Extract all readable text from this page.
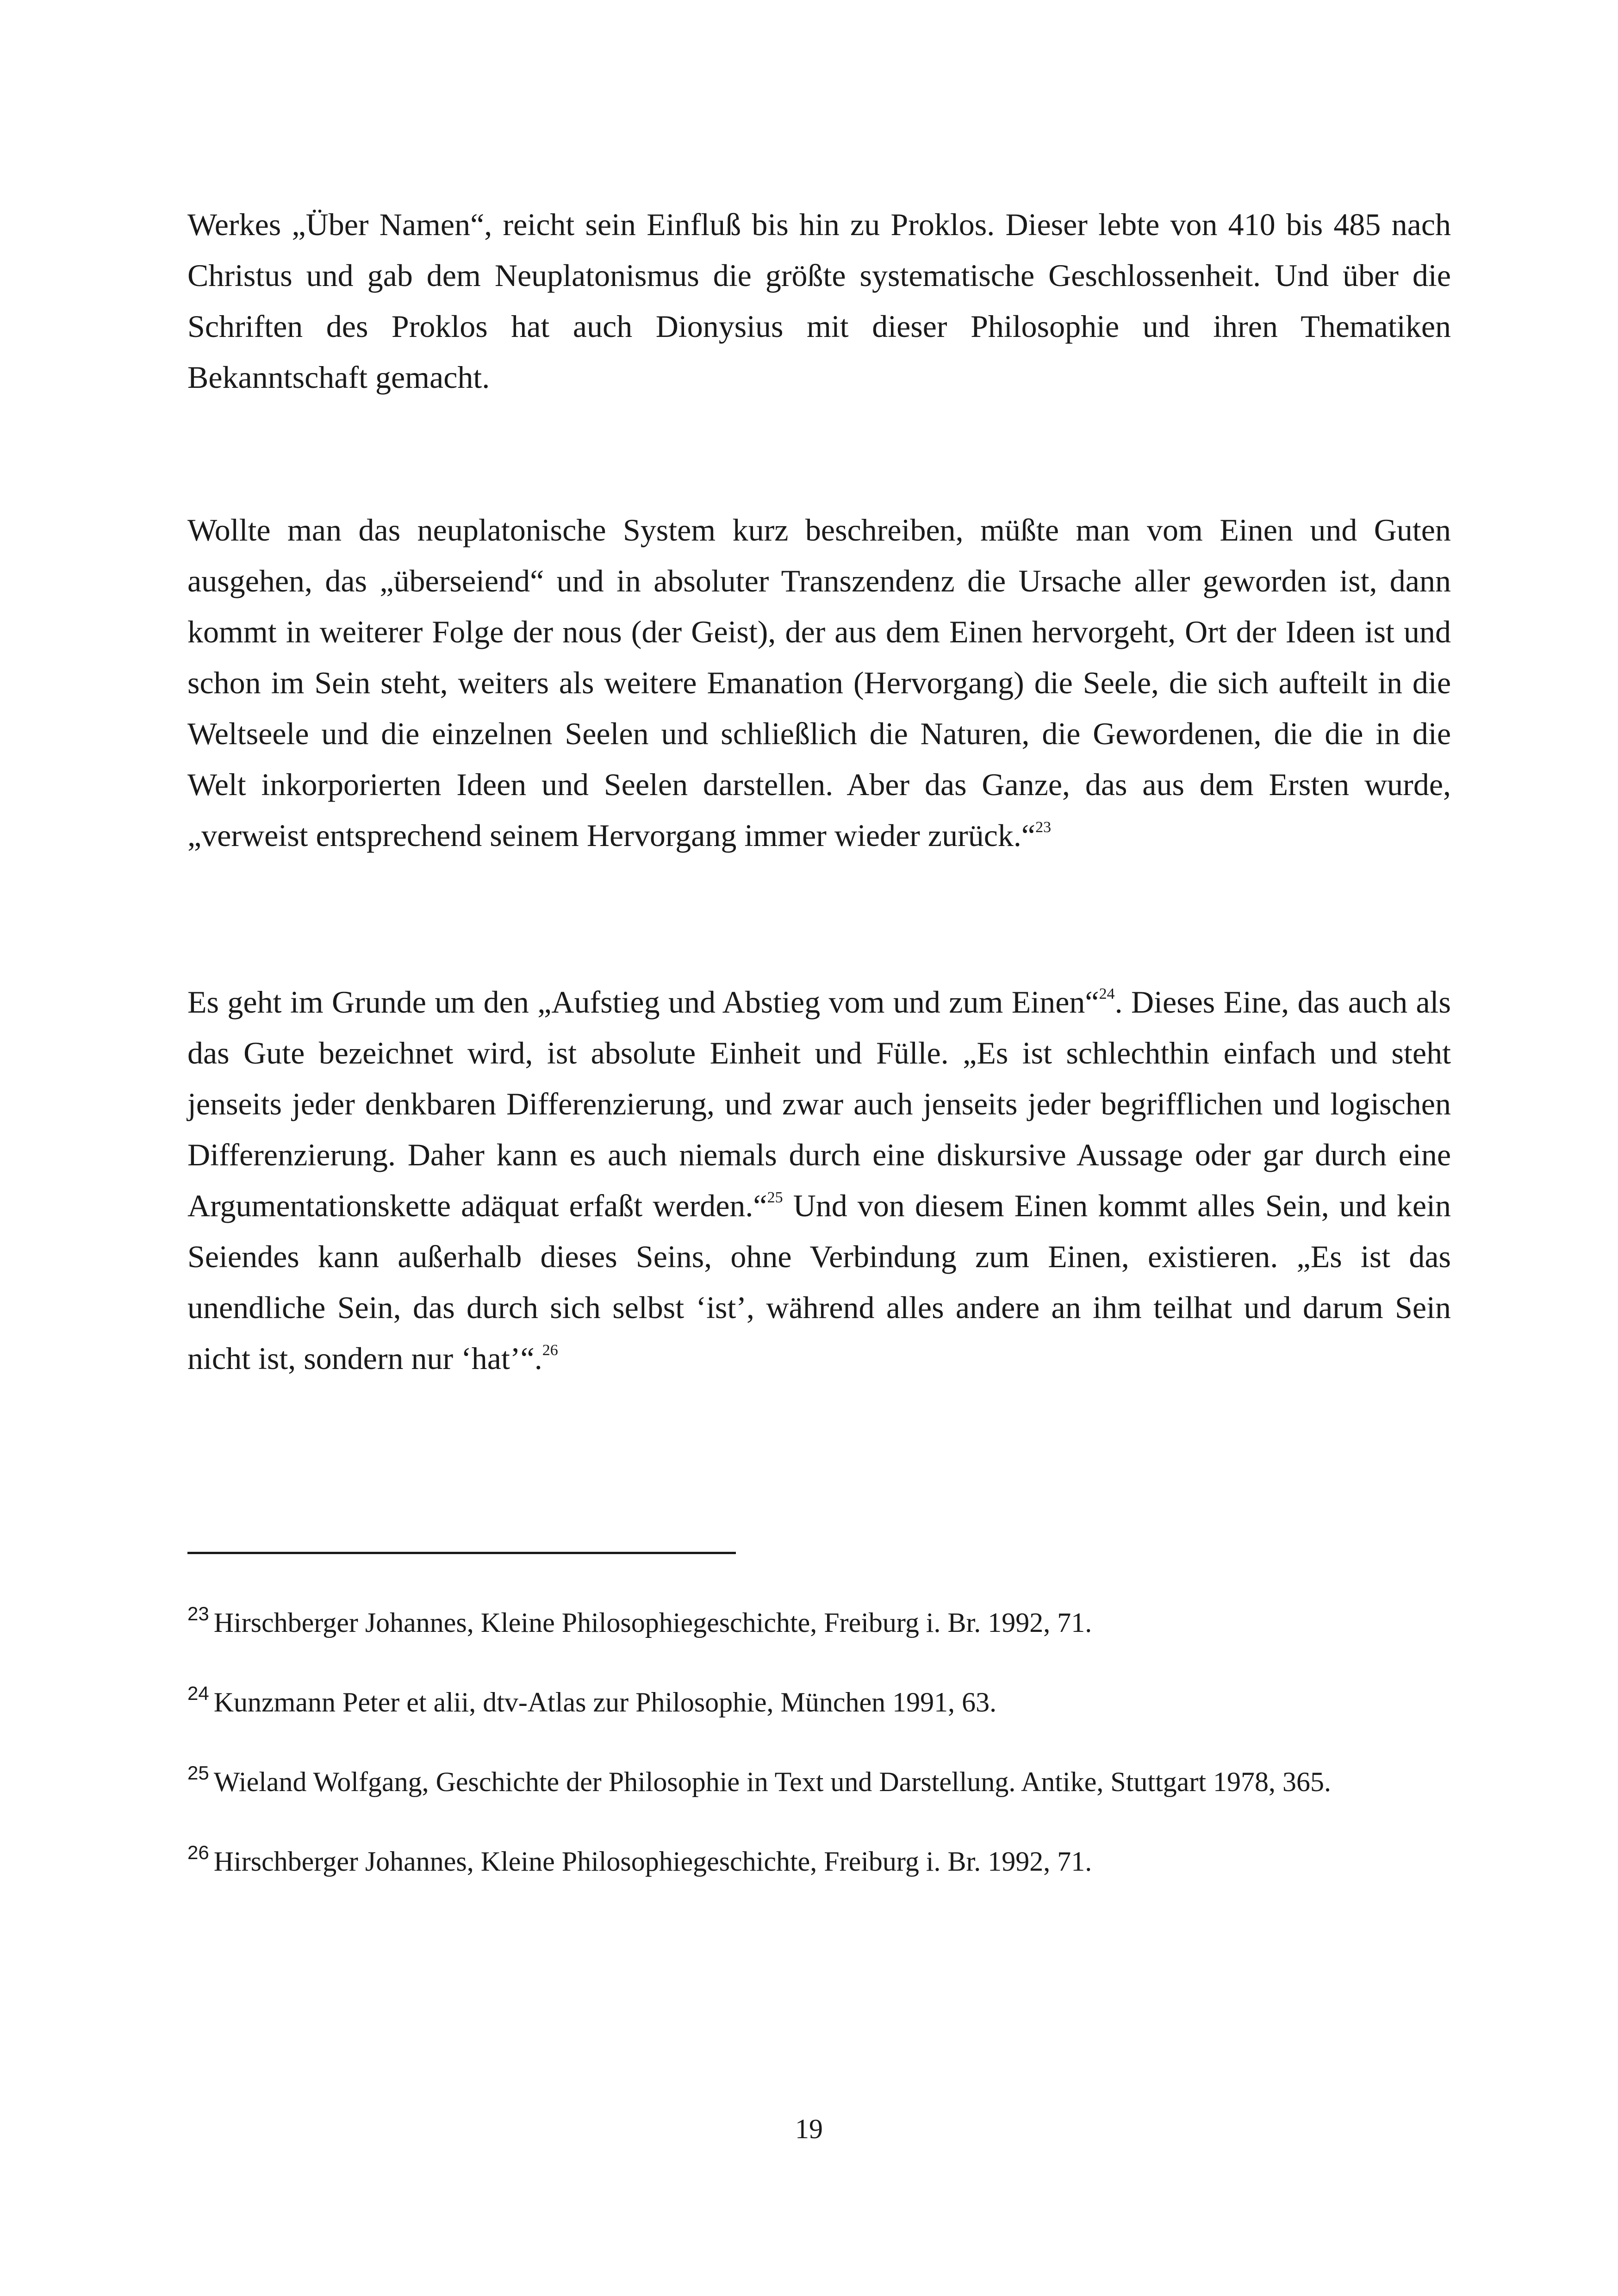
Werkes „Über Namen“, reicht sein Einfluß bis hin zu Proklos. Dieser lebte von 410 bis 485 nach Christus und gab dem Neuplatonismus die größte systematische Geschlossenheit. Und über die Schriften des Proklos hat auch Dionysius mit dieser Philosophie und ihren Thematiken Bekanntschaft gemacht.

Wollte man das neuplatonische System kurz beschreiben, müßte man vom Einen und Guten ausgehen, das „überseiend“ und in absoluter Transzendenz die Ursache aller geworden ist, dann kommt in weiterer Folge der nous (der Geist), der aus dem Einen hervorgeht, Ort der Ideen ist und schon im Sein steht, weiters als weitere Emanation (Hervorgang) die Seele, die sich aufteilt in die Weltseele und die einzelnen Seelen und schließlich die Naturen, die Gewordenen, die die in die Welt inkorporierten Ideen und Seelen darstellen. Aber das Ganze, das aus dem Ersten wurde, „verweist entsprechend seinem Hervorgang immer wieder zurück.“$^{23}$

Es geht im Grunde um den „Aufstieg und Abstieg vom und zum Einen“$^{24}$. Dieses Eine, das auch als das Gute bezeichnet wird, ist absolute Einheit und Fülle. „Es ist schlechthin einfach und steht jenseits jeder denkbaren Differenzierung, und zwar auch jenseits jeder begrifflichen und logischen Differenzierung. Daher kann es auch niemals durch eine diskursive Aussage oder gar durch eine Argumentationskette adäquat erfaßt werden.“$^{25}$ Und von diesem Einen kommt alles Sein, und kein Seiendes kann außerhalb dieses Seins, ohne Verbindung zum Einen, existieren. „Es ist das unendliche Sein, das durch sich selbst ‘ist’, während alles andere an ihm teilhat und darum Sein nicht ist, sondern nur ‘hat’“.$^{26}$

$^{23}$ Hirschberger Johannes, Kleine Philosophiegeschichte, Freiburg i. Br. 1992, 71.

$^{24}$ Kunzmann Peter et alii, dtv-Atlas zur Philosophie, München 1991, 63.

$^{25}$ Wieland Wolfgang, Geschichte der Philosophie in Text und Darstellung. Antike, Stuttgart 1978, 365.

$^{26}$ Hirschberger Johannes, Kleine Philosophiegeschichte, Freiburg i. Br. 1992, 71.

19
